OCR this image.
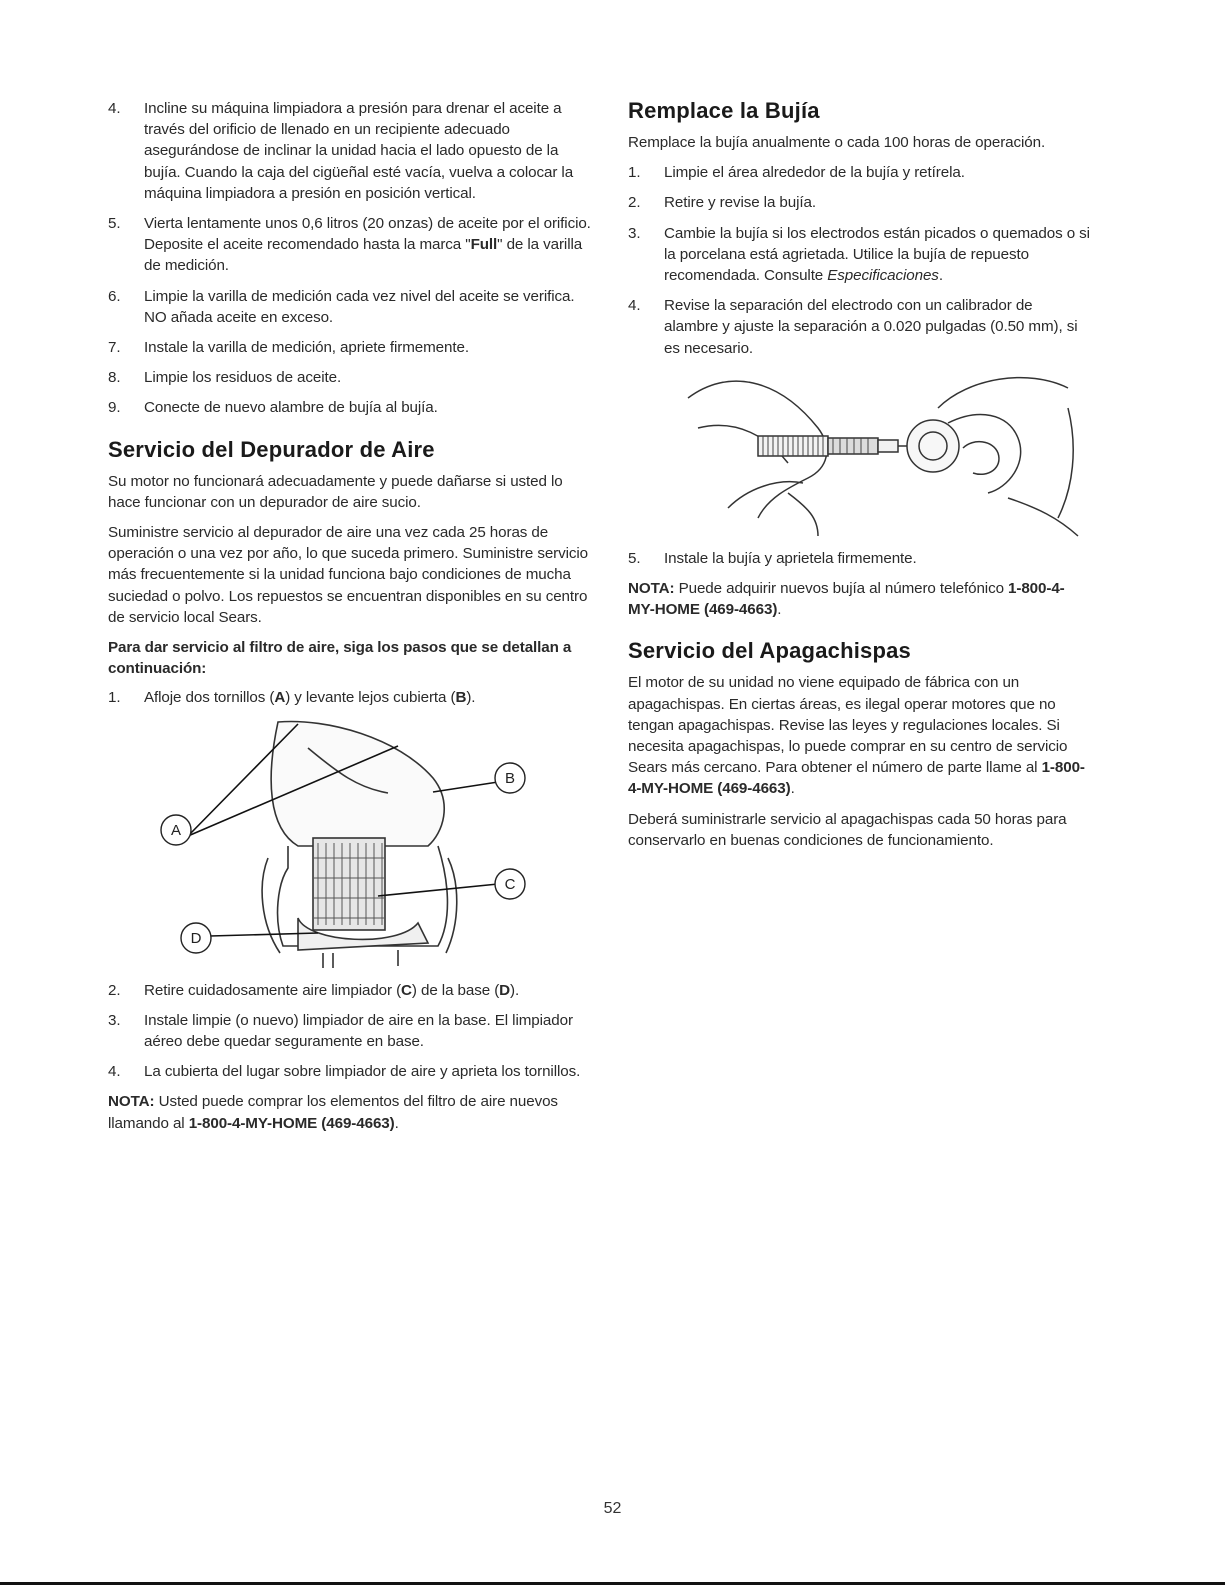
4. Incline su máquina limpiadora a presión para drenar el aceite a través del orificio de llenado en un recipiente adecuado asegurándose de inclinar la unidad hacia el lado opuesto de la bujía. Cuando la caja del cigüeñal esté vacía, vuelva a colocar la máquina limpiadora a presión en posición vertical.
5. Vierta lentamente unos 0,6 litros (20 onzas) de aceite por el orificio. Deposite el aceite recomendado hasta la marca "Full" de la varilla de medición.
6. Limpie la varilla de medición cada vez nivel del aceite se verifica. NO añada aceite en exceso.
7. Instale la varilla de medición, apriete firmemente.
8. Limpie los residuos de aceite.
9. Conecte de nuevo alambre de bujía al bujía.
Servicio del Depurador de Aire

Su motor no funcionará adecuadamente y puede dañarse si usted lo hace funcionar con un depurador de aire sucio.

Suministre servicio al depurador de aire una vez cada 25 horas de operación o una vez por año, lo que suceda primero. Suministre servicio más frecuentemente si la unidad funciona bajo condiciones de mucha suciedad o polvo. Los repuestos se encuentran disponibles en su centro de servicio local Sears.

Para dar servicio al filtro de aire, siga los pasos que se detallan a continuación:

1. Afloje dos tornillos (A) y levante lejos cubierta (B).
A
B
C
D
2. Retire cuidadosamente aire limpiador (C) de la base (D).
3. Instale limpie (o nuevo) limpiador de aire en la base. El limpiador aéreo debe quedar seguramente en base.
4. La cubierta del lugar sobre limpiador de aire y aprieta los tornillos.

NOTA: Usted puede comprar los elementos del filtro de aire nuevos llamando al 1-800-4-MY-HOME (469-4663).

Remplace la Bujía

Remplace la bujía anualmente o cada 100 horas de operación.

1. Limpie el área alrededor de la bujía y retírela.
2. Retire y revise la bujía.
3. Cambie la bujía si los electrodos están picados o quemados o si la porcelana está agrietada. Utilice la bujía de repuesto recomendada. Consulte Especificaciones.
4. Revise la separación del electrodo con un calibrador de alambre y ajuste la separación a 0.020 pulgadas (0.50 mm), si es necesario.
5. Instale la bujía y aprietela firmemente.

NOTA: Puede adquirir nuevos bujía al número telefónico 1-800-4-MY-HOME (469-4663).

Servicio del Apagachispas

El motor de su unidad no viene equipado de fábrica con un apagachispas. En ciertas áreas, es ilegal operar motores que no tengan apagachispas. Revise las leyes y regulaciones locales. Si necesita apagachispas, lo puede comprar en su centro de servicio Sears más cercano. Para obtener el número de parte llame al 1-800-4-MY-HOME (469-4663).

Deberá suministrarle servicio al apagachispas cada 50 horas para conservarlo en buenas condiciones de funcionamiento.

52
